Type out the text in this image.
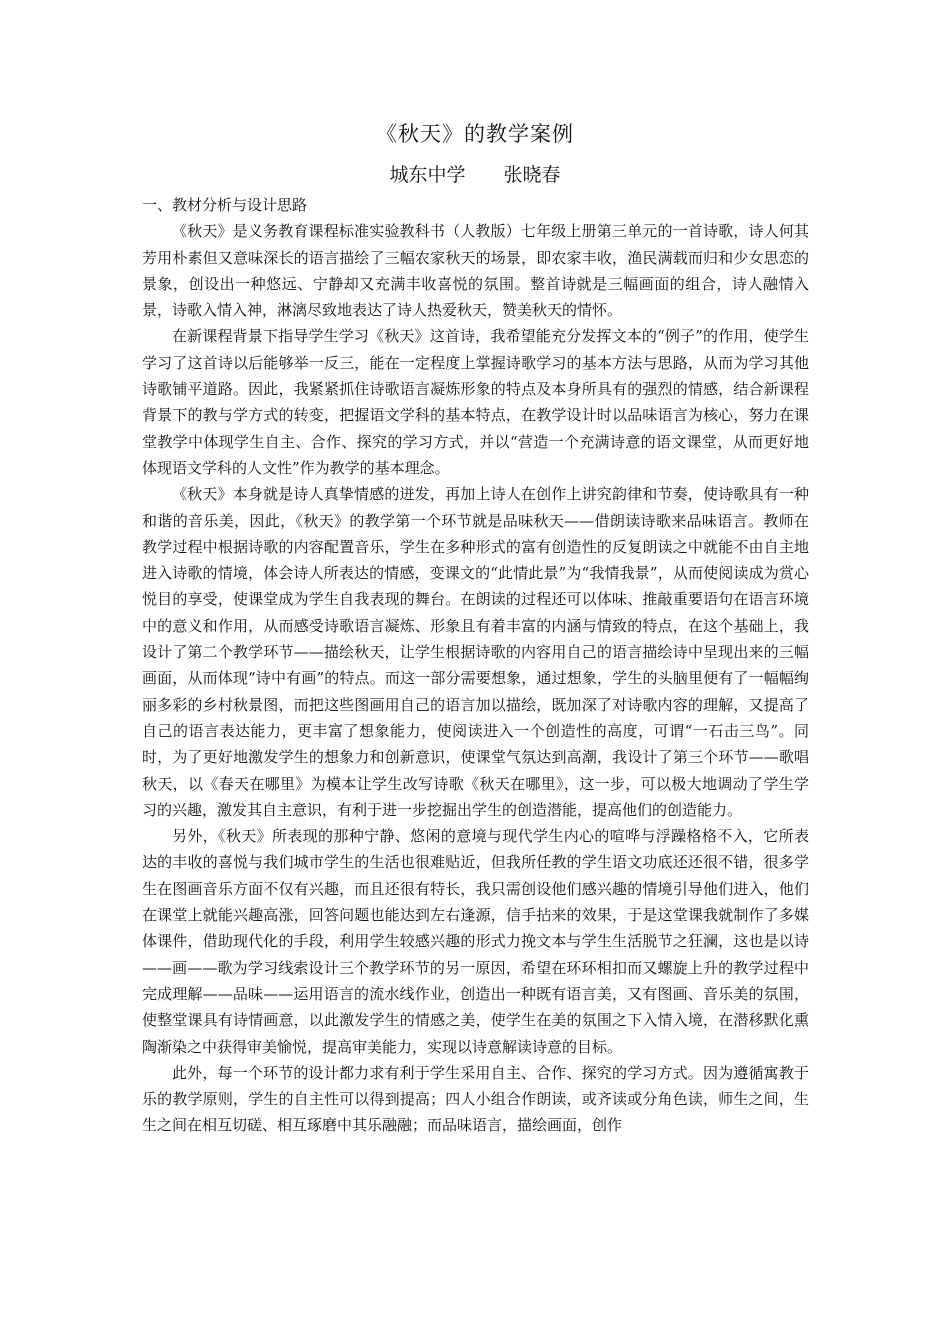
《秋天》的教学案例
城东中学　　张晓春

一、教材分析与设计思路

《秋天》是义务教育课程标准实验教科书（人教版）七年级上册第三单元的一首诗歌，诗人何其芳用朴素但又意味深长的语言描绘了三幅农家秋天的场景，即农家丰收，渔民满载而归和少女思恋的景象，创设出一种悠远、宁静却又充满丰收喜悦的氛围。整首诗就是三幅画面的组合，诗人融情入景，诗歌入情入神，淋漓尽致地表达了诗人热爱秋天，赞美秋天的情怀。

在新课程背景下指导学生学习《秋天》这首诗，我希望能充分发挥文本的“例子”的作用，使学生学习了这首诗以后能够举一反三，能在一定程度上掌握诗歌学习的基本方法与思路，从而为学习其他诗歌铺平道路。因此，我紧紧抓住诗歌语言凝炼形象的特点及本身所具有的强烈的情感，结合新课程背景下的教与学方式的转变，把握语文学科的基本特点，在教学设计时以品味语言为核心，努力在课堂教学中体现学生自主、合作、探究的学习方式，并以“营造一个充满诗意的语文课堂，从而更好地体现语文学科的人文性”作为教学的基本理念。

《秋天》本身就是诗人真挚情感的迸发，再加上诗人在创作上讲究韵律和节奏，使诗歌具有一种和谐的音乐美，因此，《秋天》的教学第一个环节就是品味秋天——借朗读诗歌来品味语言。教师在教学过程中根据诗歌的内容配置音乐，学生在多种形式的富有创造性的反复朗读之中就能不由自主地进入诗歌的情境，体会诗人所表达的情感，变课文的“此情此景”为“我情我景”，从而使阅读成为赏心悦目的享受，使课堂成为学生自我表现的舞台。在朗读的过程还可以体味、推敲重要语句在语言环境中的意义和作用，从而感受诗歌语言凝炼、形象且有着丰富的内涵与情致的特点，在这个基础上，我设计了第二个教学环节——描绘秋天，让学生根据诗歌的内容用自己的语言描绘诗中呈现出来的三幅画面，从而体现“诗中有画”的特点。而这一部分需要想象，通过想象，学生的头脑里便有了一幅幅绚丽多彩的乡村秋景图，而把这些图画用自己的语言加以描绘，既加深了对诗歌内容的理解，又提高了自己的语言表达能力，更丰富了想象能力，使阅读进入一个创造性的高度，可谓“一石击三鸟”。同时，为了更好地激发学生的想象力和创新意识，使课堂气氛达到高潮，我设计了第三个环节——歌唱秋天，以《春天在哪里》为模本让学生改写诗歌《秋天在哪里》，这一步，可以极大地调动了学生学习的兴趣，激发其自主意识，有利于进一步挖掘出学生的创造潜能，提高他们的创造能力。

另外，《秋天》所表现的那种宁静、悠闲的意境与现代学生内心的喧哗与浮躁格格不入，它所表达的丰收的喜悦与我们城市学生的生活也很难贴近，但我所任教的学生语文功底还还很不错，很多学生在图画音乐方面不仅有兴趣，而且还很有特长，我只需创设他们感兴趣的情境引导他们进入，他们在课堂上就能兴趣高涨，回答问题也能达到左右逢源，信手拈来的效果，于是这堂课我就制作了多媒体课件，借助现代化的手段，利用学生较感兴趣的形式力挽文本与学生生活脱节之狂澜，这也是以诗——画——歌为学习线索设计三个教学环节的另一原因，希望在环环相扣而又螺旋上升的教学过程中完成理解——品味——运用语言的流水线作业，创造出一种既有语言美，又有图画、音乐美的氛围，使整堂课具有诗情画意，以此激发学生的情感之美，使学生在美的氛围之下入情入境，在潜移默化熏陶渐染之中获得审美愉悦，提高审美能力，实现以诗意解读诗意的目标。

此外，每一个环节的设计都力求有利于学生采用自主、合作、探究的学习方式。因为遵循寓教于乐的教学原则，学生的自主性可以得到提高；四人小组合作朗读，或齐读或分角色读，师生之间，生生之间在相互切磋、相互琢磨中其乐融融；而品味语言，描绘画面，创作
